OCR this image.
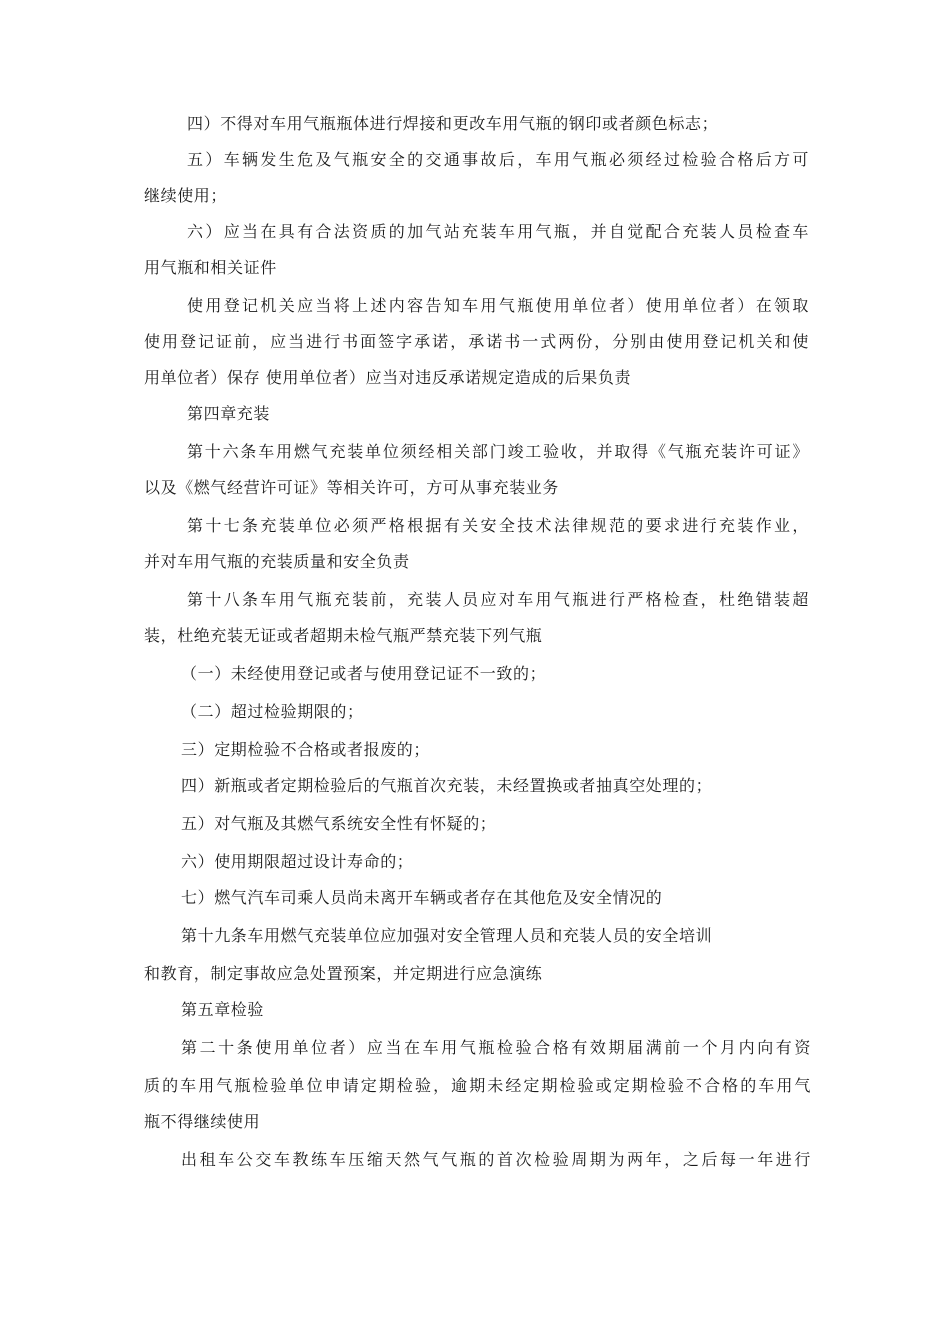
四）不得对车用气瓶瓶体进行焊接和更改车用气瓶的钢印或者颜色标志；
五）车辆发生危及气瓶安全的交通事故后，车用气瓶必须经过检验合格后方可
继续使用；
六）应当在具有合法资质的加气站充装车用气瓶，并自觉配合充装人员检查车
用气瓶和相关证件
使用登记机关应当将上述内容告知车用气瓶使用单位者）使用单位者）在领取
使用登记证前，应当进行书面签字承诺，承诺书一式两份，分别由使用登记机关和使
用单位者）保存 使用单位者）应当对违反承诺规定造成的后果负责
第四章充装
第十六条车用燃气充装单位须经相关部门竣工验收，并取得《气瓶充装许可证》
以及《燃气经营许可证》等相关许可，方可从事充装业务
第十七条充装单位必须严格根据有关安全技术法律规范的要求进行充装作业，
并对车用气瓶的充装质量和安全负责
第十八条车用气瓶充装前，充装人员应对车用气瓶进行严格检查，杜绝错装超
装，杜绝充装无证或者超期未检气瓶严禁充装下列气瓶
（一）未经使用登记或者与使用登记证不一致的；
（二）超过检验期限的；
三）定期检验不合格或者报废的；
四）新瓶或者定期检验后的气瓶首次充装，未经置换或者抽真空处理的；
五）对气瓶及其燃气系统安全性有怀疑的；
六）使用期限超过设计寿命的；
七）燃气汽车司乘人员尚未离开车辆或者存在其他危及安全情况的
第十九条车用燃气充装单位应加强对安全管理人员和充装人员的安全培训
和教育，制定事故应急处置预案，并定期进行应急演练
第五章检验
第二十条使用单位者）应当在车用气瓶检验合格有效期届满前一个月内向有资
质的车用气瓶检验单位申请定期检验，逾期未经定期检验或定期检验不合格的车用气
瓶不得继续使用
出租车公交车教练车压缩天然气气瓶的首次检验周期为两年，之后每一年进行
